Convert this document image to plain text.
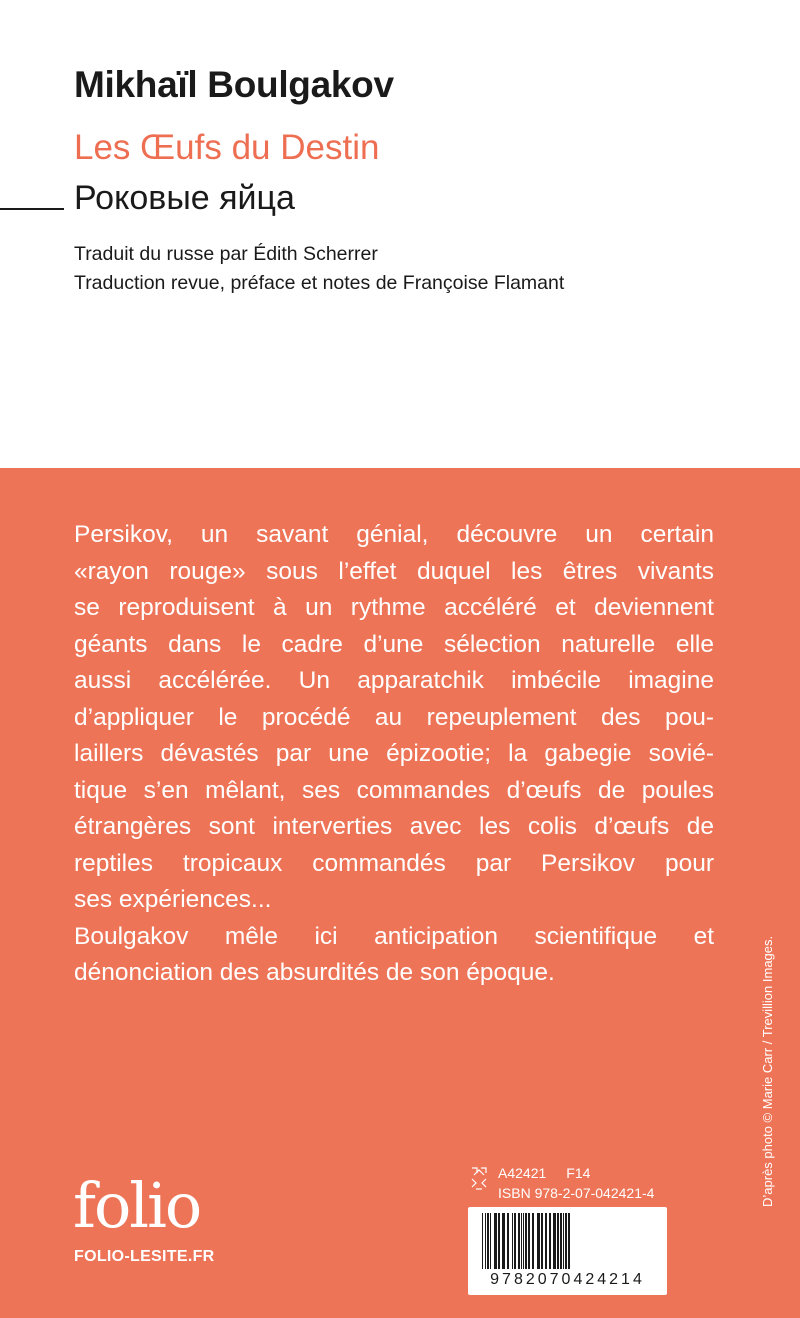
Mikhaïl Boulgakov
Les Œufs du Destin
Роковые яйца
Traduit du russe par Édith Scherrer
Traduction revue, préface et notes de Françoise Flamant
Persikov, un savant génial, découvre un certain
«rayon rouge» sous l’effet duquel les êtres vivants
se reproduisent à un rythme accéléré et deviennent
géants dans le cadre d’une sélection naturelle elle
aussi accélérée. Un apparatchik imbécile imagine
d’appliquer le procédé au repeuplement des pou-
laillers dévastés par une épizootie; la gabegie sovié-
tique s’en mêlant, ses commandes d’œufs de poules
étrangères sont interverties avec les colis d’œufs de
reptiles tropicaux commandés par Persikov pour
ses expériences...
Boulgakov mêle ici anticipation scientifique et
dénonciation des absurdités de son époque.	D’après photo © Marie Carr / Trevillion Images.
folio
FOLIO-LESITE.FR
A42421 F14
ISBN 978-2-07-042421-4
9782070424214
